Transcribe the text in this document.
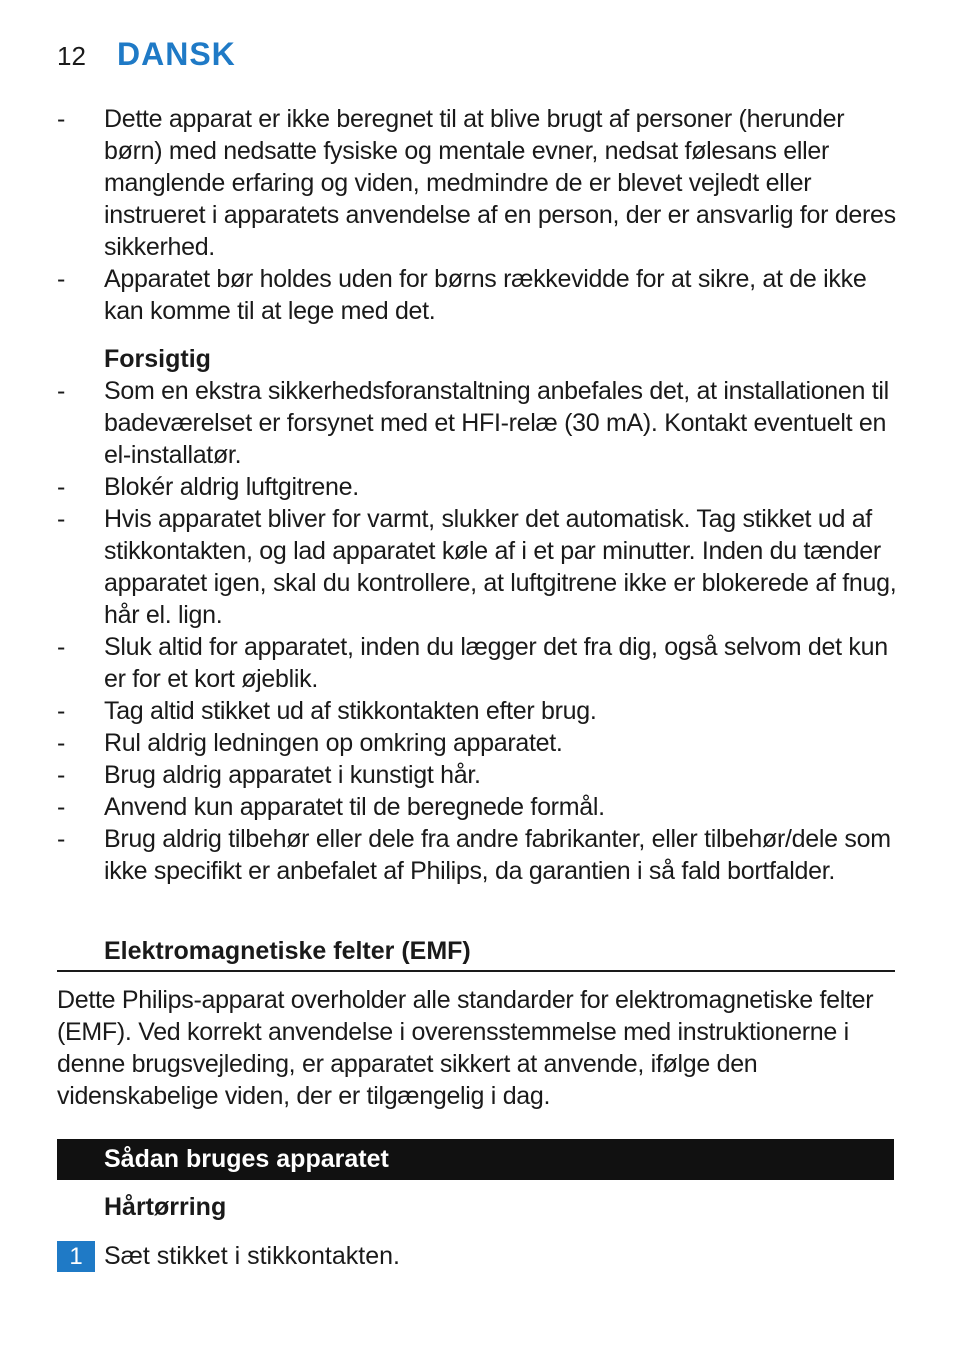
12 DANSK
-	Dette apparat er ikke beregnet til at blive brugt af personer (herunder børn) med nedsatte fysiske og mentale evner, nedsat følesans eller manglende erfaring og viden, medmindre de er blevet vejledt eller instrueret i apparatets anvendelse af en person, der er ansvarlig for deres sikkerhed.
-	Apparatet bør holdes uden for børns rækkevidde for at sikre, at de ikke kan komme til at lege med det.
Forsigtig
-	Som en ekstra sikkerhedsforanstaltning anbefales det, at installationen til badeværelset er forsynet med et HFI-relæ (30 mA). Kontakt eventuelt en el-installatør.
-	Blokér aldrig luftgitrene.
-	Hvis apparatet bliver for varmt, slukker det automatisk. Tag stikket ud af stikkontakten, og lad apparatet køle af i et par minutter. Inden du tænder apparatet igen, skal du kontrollere, at luftgitrene ikke er blokerede af fnug, hår el. lign.
-	Sluk altid for apparatet, inden du lægger det fra dig, også selvom det kun er for et kort øjeblik.
-	Tag altid stikket ud af stikkontakten efter brug.
-	Rul aldrig ledningen op omkring apparatet.
-	Brug aldrig apparatet i kunstigt hår.
-	Anvend kun apparatet til de beregnede formål.
-	Brug aldrig tilbehør eller dele fra andre fabrikanter, eller tilbehør/dele som ikke specifikt er anbefalet af Philips, da garantien i så fald bortfalder.
Elektromagnetiske felter (EMF)

Dette Philips-apparat overholder alle standarder for elektromagnetiske felter (EMF). Ved korrekt anvendelse i overensstemmelse med instruktionerne i denne brugsvejleding, er apparatet sikkert at anvende, ifølge den videnskabelige viden, der er tilgængelig i dag.

Sådan bruges apparatet
Hårtørring
1 Sæt stikket i stikkontakten.
